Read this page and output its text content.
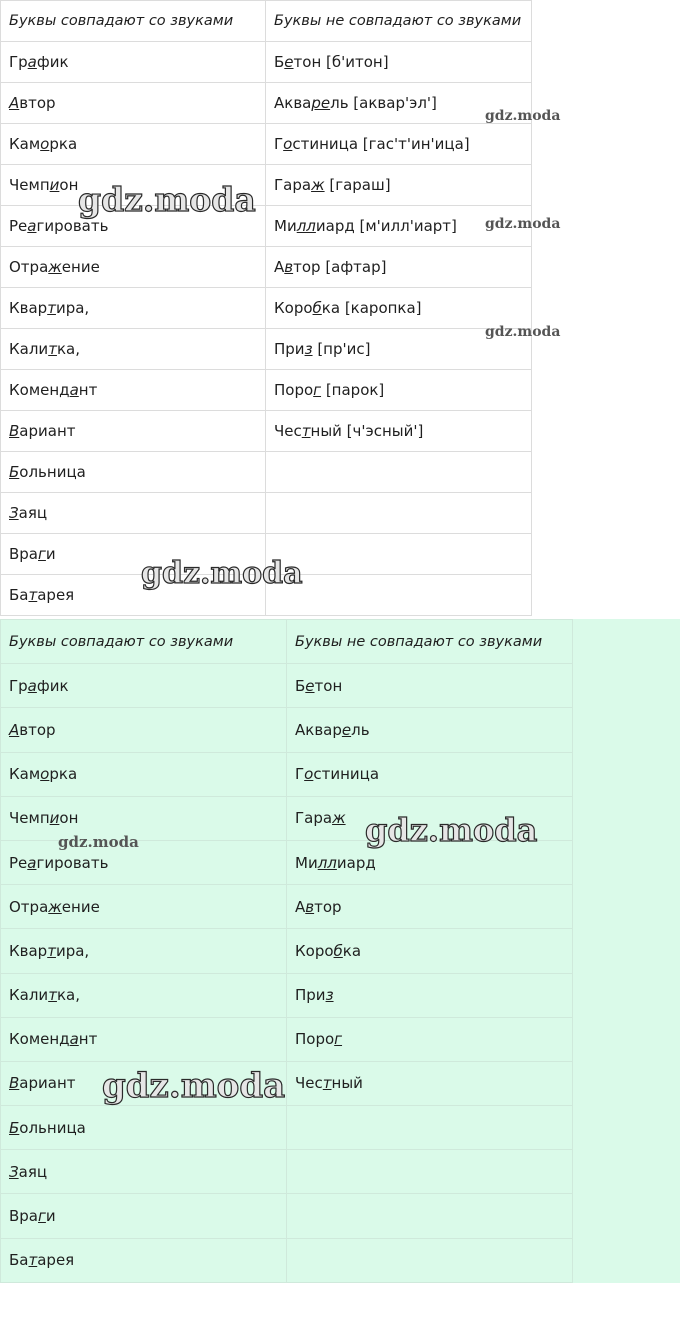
Буквы совпадают со звуками	Буквы не совпадают со звуками
График	Бетон [б'итон]
Автор	Акварель [аквар'эл']
Каморка	Гостиница [гас'т'ин'ица]
Чемпион	Гараж [гараш]
Реагировать	Миллиард [м'илл'иарт]
Отражение	Автор [афтар]
Квартира,	Коробка [каропка]
Калитка,	Приз [пр'ис]
Комендант	Порог [парок]
Вариант	Честный [ч'эсный']
Больница	
Заяц	
Враги	
Батарея	
Буквы совпадают со звуками	Буквы не совпадают со звуками
График	Бетон
Автор	Акварель
Каморка	Гостиница
Чемпион	Гараж
Реагировать	Миллиард
Отражение	Автор
Квартира,	Коробка
Калитка,	Приз
Комендант	Порог
Вариант	Честный
Больница	
Заяц	
Враги	
Батарея	
gdz.moda
gdz.moda
gdz.moda
gdz.moda
gdz.moda
gdz.moda	gdz.moda
gdz.moda
